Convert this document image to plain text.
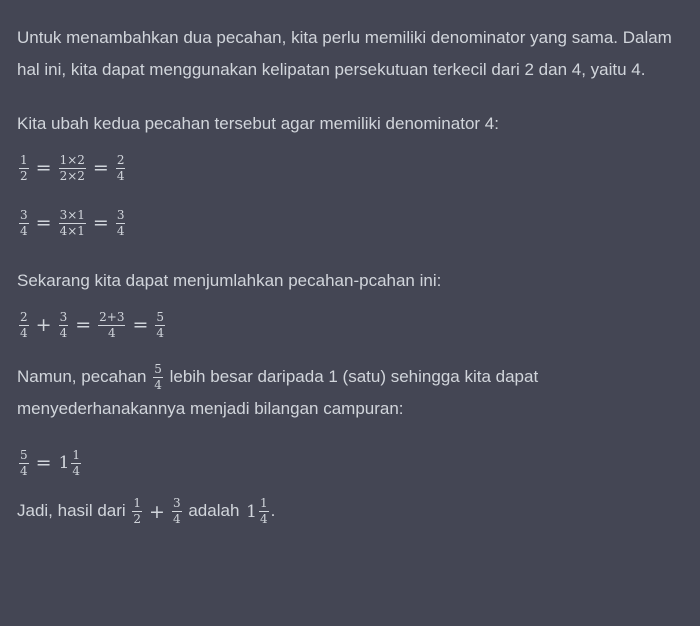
Untuk menambahkan dua pecahan, kita perlu memiliki denominator yang sama. Dalam hal ini, kita dapat menggunakan kelipatan persekutuan terkecil dari 2 dan 4, yaitu 4.

Kita ubah kedua pecahan tersebut agar memiliki denominator 4:

$\frac{1}{2} = \frac{1\times 2}{2\times 2} = \frac{2}{4}$
$\frac{3}{4} = \frac{3\times 1}{4\times 1} = \frac{3}{4}$

Sekarang kita dapat menjumlahkan pecahan-pcahan ini:

$\frac{2}{4} + \frac{3}{4} = \frac{2+3}{4} = \frac{5}{4}$

Namun, pecahan $\frac{5}{4}$ lebih besar daripada 1 (satu) sehingga kita dapat menyederhanakannya menjadi bilangan campuran:

$\frac{5}{4} = 1 \frac{1}{4}$

Jadi, hasil dari $\frac{1}{2} + \frac{3}{4}$ adalah $1 \frac{1}{4}$ .
